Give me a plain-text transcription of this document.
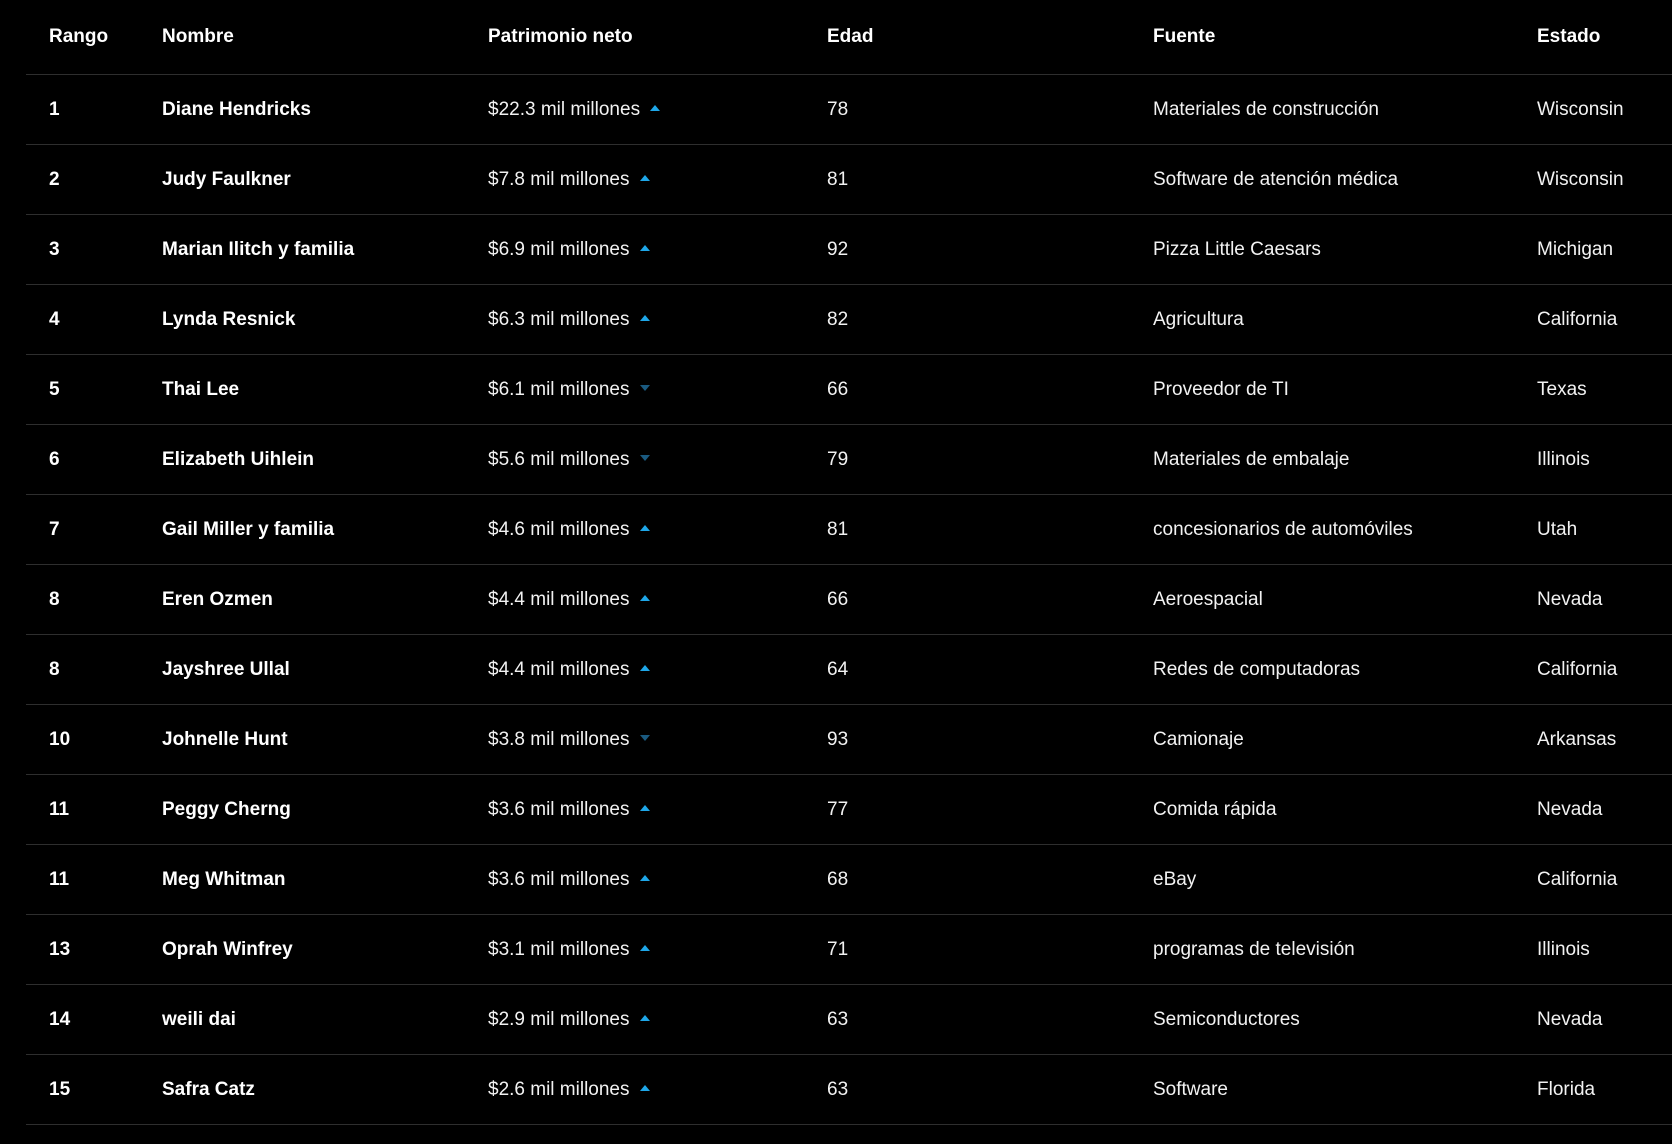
Rango	Nombre	Patrimonio neto	Edad	Fuente	Estado
1	Diane Hendricks	$22.3 mil millones	78	Materiales de construcción	Wisconsin
2	Judy Faulkner	$7.8 mil millones	81	Software de atención médica	Wisconsin
3	Marian Ilitch y familia	$6.9 mil millones	92	Pizza Little Caesars	Michigan
4	Lynda Resnick	$6.3 mil millones	82	Agricultura	California
5	Thai Lee	$6.1 mil millones	66	Proveedor de TI	Texas
6	Elizabeth Uihlein	$5.6 mil millones	79	Materiales de embalaje	Illinois
7	Gail Miller y familia	$4.6 mil millones	81	concesionarios de automóviles	Utah
8	Eren Ozmen	$4.4 mil millones	66	Aeroespacial	Nevada
8	Jayshree Ullal	$4.4 mil millones	64	Redes de computadoras	California
10	Johnelle Hunt	$3.8 mil millones	93	Camionaje	Arkansas
11	Peggy Cherng	$3.6 mil millones	77	Comida rápida	Nevada
11	Meg Whitman	$3.6 mil millones	68	eBay	California
13	Oprah Winfrey	$3.1 mil millones	71	programas de televisión	Illinois
14	weili dai	$2.9 mil millones	63	Semiconductores	Nevada
15	Safra Catz	$2.6 mil millones	63	Software	Florida
